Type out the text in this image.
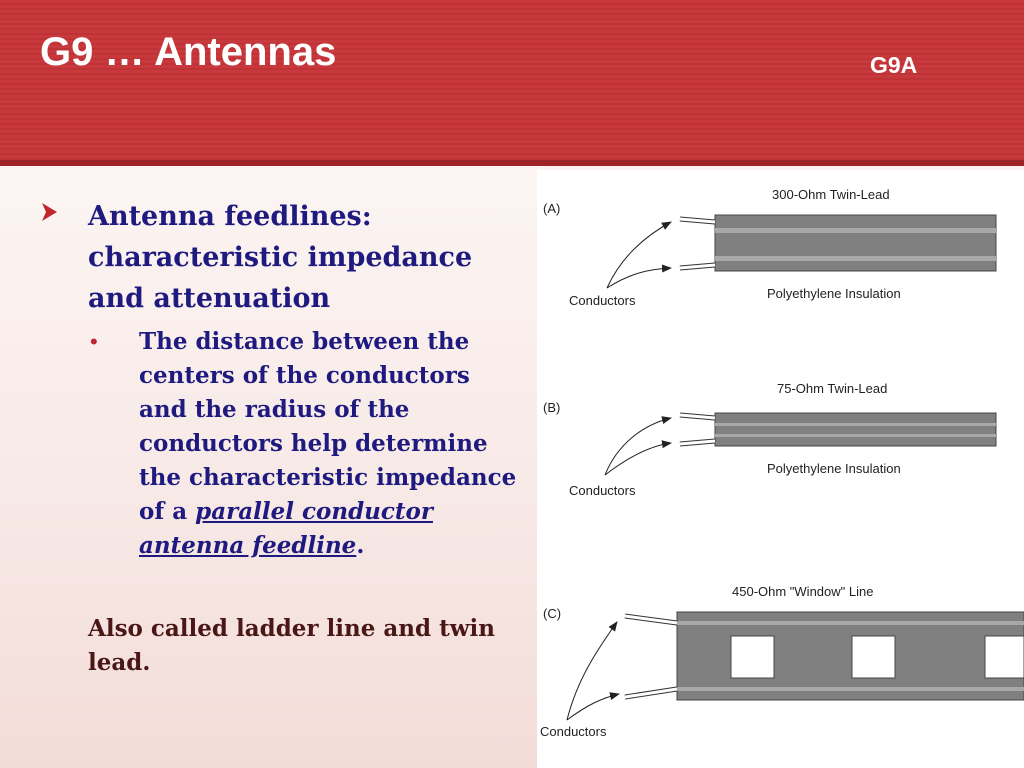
G9 … Antennas	G9A

Antenna feedlines: characteristic impedance and attenuation

• The distance between the centers of the conductors and the radius of the conductors help determine the characteristic impedance of a parallel conductor antenna feedline.

Also called ladder line and twin lead.

(A)
300-Ohm Twin-Lead
Polyethylene Insulation
Conductors
(B)
75-Ohm Twin-Lead
Polyethylene Insulation
Conductors
(C)
450-Ohm "Window" Line
Conductors
